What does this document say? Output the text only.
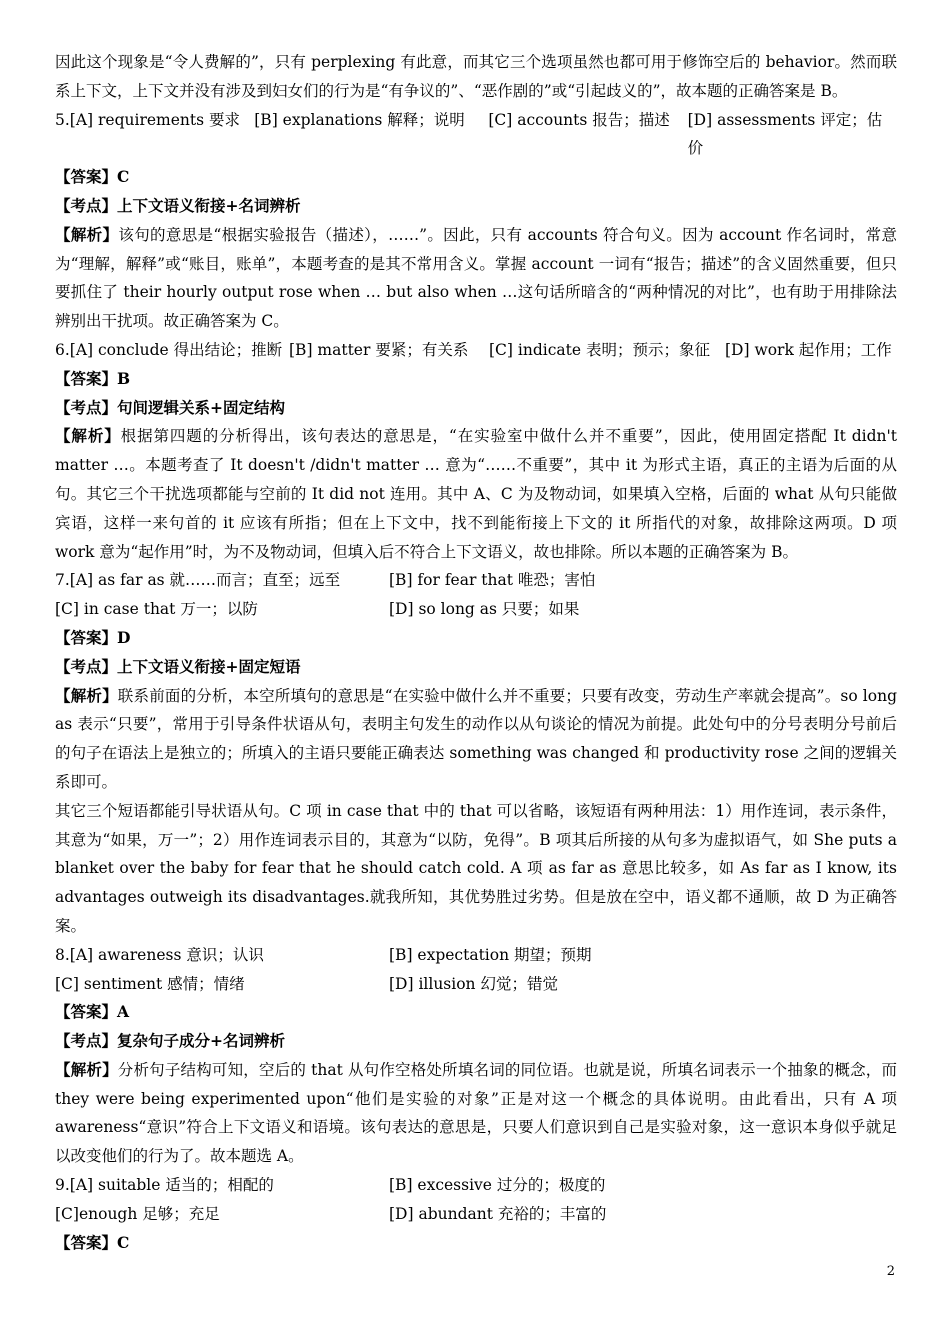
因此这个现象是“令人费解的”，只有 perplexing 有此意，而其它三个选项虽然也都可用于修饰空后的 behavior。然而联系上下文，上下文并没有涉及到妇女们的行为是“有争议的”、“恶作剧的”或“引起歧义的”，故本题的正确答案是 B。

5.[A] requirements 要求 [B] explanations 解释；说明	[C] accounts 报告；描述	[D] assessments 评定；估价
【答案】C
【考点】上下文语义衔接+名词辨析

【解析】该句的意思是“根据实验报告（描述），……”。因此，只有 accounts 符合句义。因为 account 作名词时，常意为“理解，解释”或“账目，账单”，本题考查的是其不常用含义。掌握 account 一词有“报告；描述”的含义固然重要，但只要抓住了 their hourly output rose when … but also when …这句话所暗含的“两种情况的对比”，也有助于用排除法辨别出干扰项。故正确答案为 C。

6.[A] conclude 得出结论；推断 [B] matter 要紧；有关系	[C] indicate 表明；预示；象征 [D] work 起作用；工作
【答案】B
【考点】句间逻辑关系+固定结构

【解析】根据第四题的分析得出，该句表达的意思是，“在实验室中做什么并不重要”，因此，使用固定搭配 It didn't matter …。本题考查了 It doesn't /didn't matter … 意为“……不重要”，其中 it 为形式主语，真正的主语为后面的从句。其它三个干扰选项都能与空前的 It did not 连用。其中 A、C 为及物动词，如果填入空格，后面的 what 从句只能做宾语，这样一来句首的 it 应该有所指；但在上下文中，找不到能衔接上下文的 it 所指代的对象，故排除这两项。D 项 work 意为“起作用”时，为不及物动词，但填入后不符合上下文语义，故也排除。所以本题的正确答案为 B。

7.[A] as far as 就……而言；直至；远至	[B] for fear that 唯恐；害怕
[C] in case that 万一；以防	[D] so long as 只要；如果
【答案】D
【考点】上下文语义衔接+固定短语

【解析】联系前面的分析，本空所填句的意思是“在实验中做什么并不重要；只要有改变，劳动生产率就会提高”。so long as 表示“只要”，常用于引导条件状语从句，表明主句发生的动作以从句谈论的情况为前提。此处句中的分号表明分号前后的句子在语法上是独立的；所填入的主语只要能正确表达 something was changed 和 productivity rose 之间的逻辑关系即可。

其它三个短语都能引导状语从句。C 项 in case that 中的 that 可以省略，该短语有两种用法：1）用作连词，表示条件，其意为“如果，万一”；2）用作连词表示目的，其意为“以防，免得”。B 项其后所接的从句多为虚拟语气，如 She puts a blanket over the baby for fear that he should catch cold. A 项 as far as 意思比较多，如 As far as I know, its advantages outweigh its disadvantages.就我所知，其优势胜过劣势。但是放在空中，语义都不通顺，故 D 为正确答案。

8.[A] awareness 意识；认识	[B] expectation 期望；预期
[C] sentiment 感情；情绪	[D] illusion 幻觉；错觉
【答案】A
【考点】复杂句子成分+名词辨析

【解析】分析句子结构可知，空后的 that 从句作空格处所填名词的同位语。也就是说，所填名词表示一个抽象的概念，而 they were being experimented upon“他们是实验的对象”正是对这一个概念的具体说明。由此看出，只有 A 项 awareness“意识”符合上下文语义和语境。该句表达的意思是，只要人们意识到自己是实验对象，这一意识本身似乎就足以改变他们的行为了。故本题选 A。

9.[A] suitable 适当的；相配的	[B] excessive 过分的；极度的
[C]enough 足够；充足	[D] abundant 充裕的；丰富的
【答案】C
2
